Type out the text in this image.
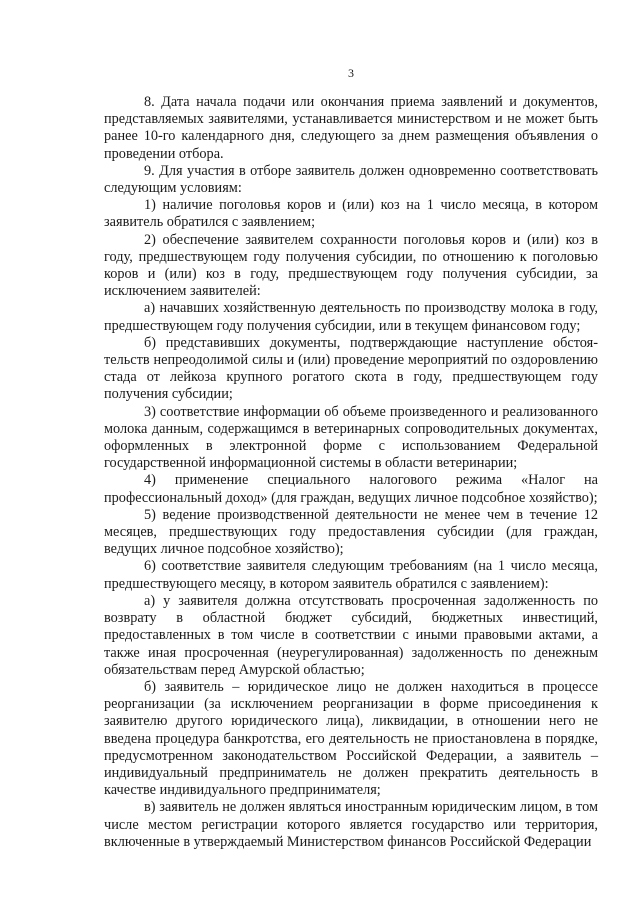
3

8. Дата начала подачи или окончания приема заявлений и документов, представляемых заявителями, устанавливается министерством и не может быть ранее 10-го календарного дня, следующего за днем размещения объявления о проведении отбора.

9. Для участия в отборе заявитель должен одновременно соответствовать следующим условиям:

1) наличие поголовья коров и (или) коз на 1 число месяца, в котором заявитель обратился с заявлением;

2) обеспечение заявителем сохранности поголовья коров и (или) коз в году, предшествующем году получения субсидии, по отношению к поголовью коров и (или) коз в году, предшествующем году получения субсидии, за исключением заявителей:

а) начавших хозяйственную деятельность по производству молока в году, предшествующем году получения субсидии, или в текущем финансовом году;

б) представивших документы, подтверждающие наступление обстоятельств непреодолимой силы и (или) проведение мероприятий по оздоровлению стада от лейкоза крупного рогатого скота в году, предшествующем году получения субсидии;

3) соответствие информации об объеме произведенного и реализованного молока данным, содержащимся в ветеринарных сопроводительных документах, оформленных в электронной форме с использованием Федеральной государственной информационной системы в области ветеринарии;

4) применение специального налогового режима «Налог на профессиональный доход» (для граждан, ведущих личное подсобное хозяйство);

5) ведение производственной деятельности не менее чем в течение 12 месяцев, предшествующих году предоставления субсидии (для граждан, ведущих личное подсобное хозяйство);

6) соответствие заявителя следующим требованиям (на 1 число месяца, предшествующего месяцу, в котором заявитель обратился с заявлением):

а) у заявителя должна отсутствовать просроченная задолженность по возврату в областной бюджет субсидий, бюджетных инвестиций, предоставленных в том числе в соответствии с иными правовыми актами, а также иная просроченная (неурегулированная) задолженность по денежным обязательствам перед Амурской областью;

б) заявитель – юридическое лицо не должен находиться в процессе реорганизации (за исключением реорганизации в форме присоединения к заявителю другого юридического лица), ликвидации, в отношении него не введена процедура банкротства, его деятельность не приостановлена в порядке, предусмотренном законодательством Российской Федерации, а заявитель – индивидуальный предприниматель не должен прекратить деятельность в качестве индивидуального предпринимателя;

в) заявитель не должен являться иностранным юридическим лицом, в том числе местом регистрации которого является государство или территория, включенные в утверждаемый Министерством финансов Российской Федерации
